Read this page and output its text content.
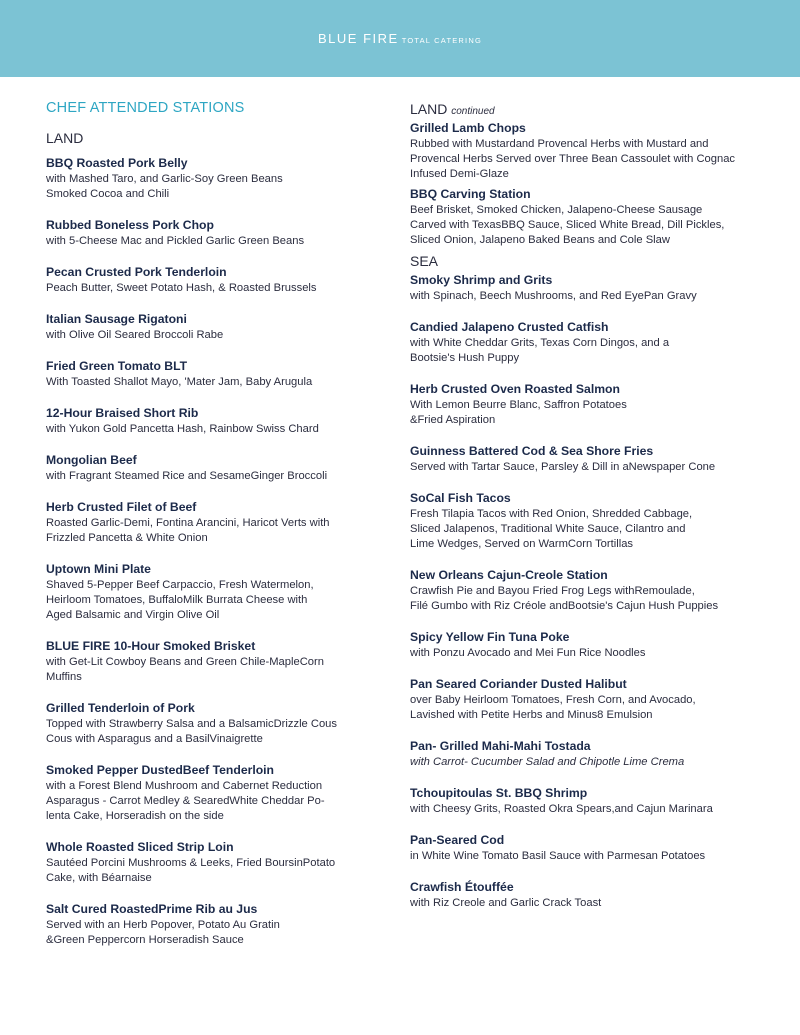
BLUE FIRE TOTAL CATERING
CHEF ATTENDED STATIONS
LAND
BBQ Roasted Pork Belly
with Mashed Taro, and Garlic-Soy Green Beans
Smoked Cocoa and Chili
Rubbed Boneless Pork Chop
with 5-Cheese Mac and Pickled Garlic Green Beans
Pecan Crusted Pork Tenderloin
Peach Butter, Sweet Potato Hash, & Roasted Brussels
Italian Sausage Rigatoni
with Olive Oil Seared Broccoli Rabe
Fried Green Tomato BLT
With Toasted Shallot Mayo, 'Mater Jam, Baby Arugula
12-Hour Braised Short Rib
with Yukon Gold Pancetta Hash, Rainbow Swiss Chard
Mongolian Beef
with Fragrant Steamed Rice and SesameGinger Broccoli
Herb Crusted Filet of Beef
Roasted Garlic-Demi, Fontina Arancini, Haricot Verts with
Frizzled Pancetta & White Onion
Uptown Mini Plate
Shaved 5-Pepper Beef Carpaccio, Fresh Watermelon,
Heirloom Tomatoes, BuffaloMilk Burrata Cheese with
Aged Balsamic and Virgin Olive Oil
BLUE FIRE 10-Hour Smoked Brisket
with Get-Lit Cowboy Beans and Green Chile-MapleCorn
Muffins
Grilled Tenderloin of Pork
Topped with Strawberry Salsa and a BalsamicDrizzle Cous
Cous with Asparagus and a BasilVinaigrette
Smoked Pepper DustedBeef Tenderloin
with a Forest Blend Mushroom and Cabernet Reduction
Asparagus - Carrot Medley & SearedWhite Cheddar Po-
lenta Cake, Horseradish on the side
Whole Roasted Sliced Strip Loin
Sautéed Porcini Mushrooms & Leeks, Fried BoursinPotato
Cake, with Béarnaise
Salt Cured RoastedPrime Rib au Jus
Served with an Herb Popover, Potato Au Gratin
&Green Peppercorn Horseradish Sauce
LAND continued
Grilled Lamb Chops
Rubbed with Mustardand Provencal Herbs with Mustard and
Provencal Herbs Served over Three Bean Cassoulet with Cognac
Infused Demi-Glaze
BBQ Carving Station
Beef Brisket, Smoked Chicken, Jalapeno-Cheese Sausage
Carved with TexasBBQ Sauce, Sliced White Bread, Dill Pickles,
Sliced Onion, Jalapeno Baked Beans and Cole Slaw
SEA
Smoky Shrimp and Grits
with Spinach, Beech Mushrooms, and Red EyePan Gravy
Candied Jalapeno Crusted Catfish
with White Cheddar Grits, Texas Corn Dingos, and a
Bootsie's Hush Puppy
Herb Crusted Oven Roasted Salmon
With Lemon Beurre Blanc, Saffron Potatoes
&Fried Aspiration
Guinness Battered Cod & Sea Shore Fries
Served with Tartar Sauce, Parsley & Dill in aNewspaper Cone
SoCal Fish Tacos
Fresh Tilapia Tacos with Red Onion, Shredded Cabbage,
Sliced Jalapenos, Traditional White Sauce, Cilantro and
Lime Wedges, Served on WarmCorn Tortillas
New Orleans Cajun-Creole Station
Crawfish Pie and Bayou Fried Frog Legs withRemoulade,
Filé Gumbo with Riz Créole andBootsie's Cajun Hush Puppies
Spicy Yellow Fin Tuna Poke
with Ponzu Avocado and Mei Fun Rice Noodles
Pan Seared Coriander Dusted Halibut
over Baby Heirloom Tomatoes, Fresh Corn, and Avocado,
Lavished with Petite Herbs and Minus8 Emulsion
Pan- Grilled Mahi-Mahi Tostada
with Carrot- Cucumber Salad and Chipotle Lime Crema
Tchoupitoulas St. BBQ Shrimp
with Cheesy Grits, Roasted Okra Spears,and Cajun Marinara
Pan-Seared Cod
in White Wine Tomato Basil Sauce with Parmesan Potatoes
Crawfish Étouffée
with Riz Creole and Garlic Crack Toast
